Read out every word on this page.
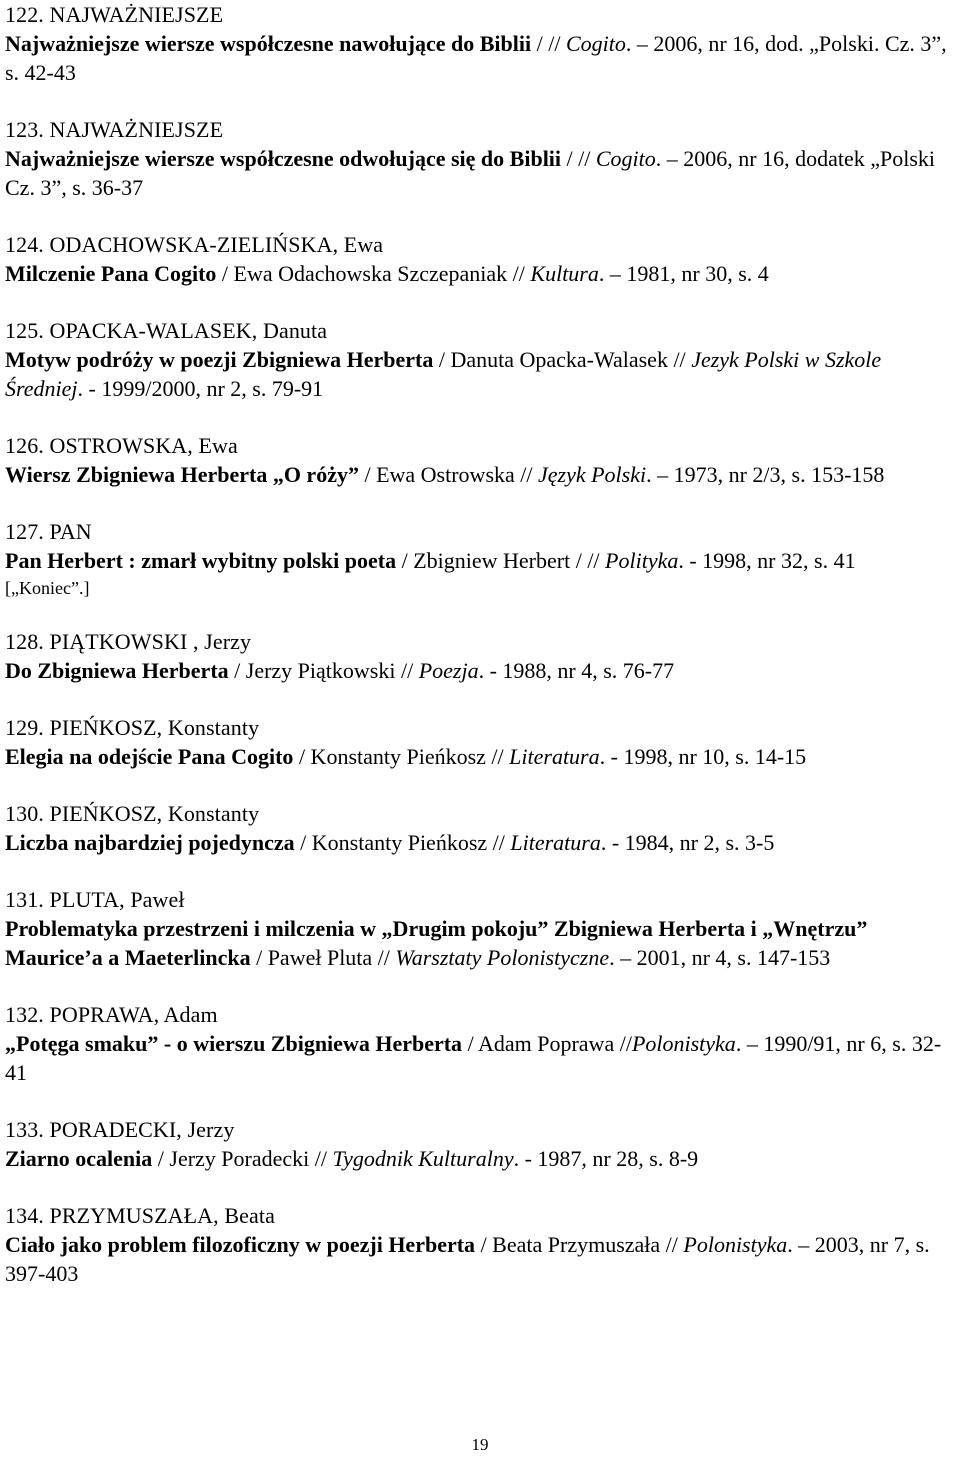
122. NAJWAŻNIEJSZE

Najważniejsze wiersze współczesne nawołujące do Biblii / // Cogito. – 2006, nr 16, dod. „Polski. Cz. 3”, s. 42-43

123. NAJWAŻNIEJSZE

Najważniejsze wiersze współczesne odwołujące się do Biblii / // Cogito. – 2006, nr 16, dodatek „Polski Cz. 3”, s. 36-37

124. ODACHOWSKA-ZIELIŃSKA, Ewa

Milczenie Pana Cogito / Ewa Odachowska Szczepaniak // Kultura. – 1981, nr 30, s. 4

125. OPACKA-WALASEK, Danuta

Motyw podróży w poezji Zbigniewa Herberta / Danuta Opacka-Walasek // Jezyk Polski w Szkole Średniej. - 1999/2000, nr 2, s. 79-91

126. OSTROWSKA, Ewa

Wiersz Zbigniewa Herberta „O róży” / Ewa Ostrowska // Język Polski. – 1973, nr 2/3, s. 153-158

127. PAN

Pan Herbert : zmarł wybitny polski poeta / Zbigniew Herbert / // Polityka. - 1998, nr 32, s. 41

[„Koniec”.]

128. PIĄTKOWSKI , Jerzy

Do Zbigniewa Herberta / Jerzy Piątkowski // Poezja. - 1988, nr 4, s. 76-77

129. PIEŃKOSZ, Konstanty

Elegia na odejście Pana Cogito / Konstanty Pieńkosz // Literatura. - 1998, nr 10, s. 14-15

130. PIEŃKOSZ, Konstanty

Liczba najbardziej pojedyncza / Konstanty Pieńkosz // Literatura. - 1984, nr 2, s. 3-5

131. PLUTA, Paweł

Problematyka przestrzeni i milczenia w „Drugim pokoju” Zbigniewa Herberta i „Wnętrzu” Maurice’a a Maeterlincka / Paweł Pluta // Warsztaty Polonistyczne. – 2001, nr 4, s. 147-153

132. POPRAWA, Adam

„Potęga smaku” - o wierszu Zbigniewa Herberta / Adam Poprawa //Polonistyka. – 1990/91, nr 6, s. 32-41

133. PORADECKI, Jerzy

Ziarno ocalenia / Jerzy Poradecki // Tygodnik Kulturalny. - 1987, nr 28, s. 8-9

134. PRZYMUSZAŁA, Beata

Ciało jako problem filozoficzny w poezji Herberta / Beata Przymuszała // Polonistyka. – 2003, nr 7, s. 397-403

19
